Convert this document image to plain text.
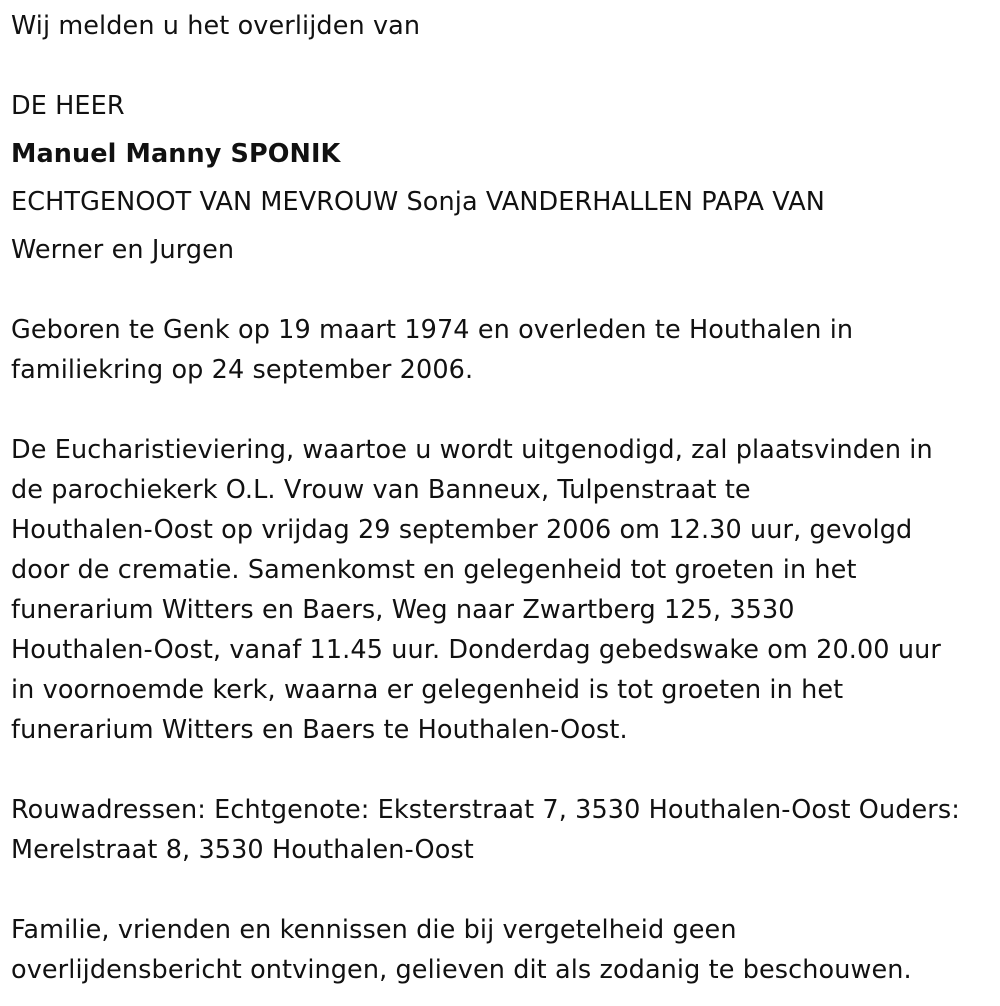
Wij melden u het overlijden van

DE HEER

Manuel Manny SPONIK

ECHTGENOOT VAN MEVROUW Sonja VANDERHALLEN PAPA VAN

Werner en Jurgen

Geboren te Genk op 19 maart 1974 en overleden te Houthalen in

familiekring op 24 september 2006.

De Eucharistieviering, waartoe u wordt uitgenodigd, zal plaatsvinden in

de parochiekerk O.L. Vrouw van Banneux, Tulpenstraat te

Houthalen-Oost op vrijdag 29 september 2006 om 12.30 uur, gevolgd

door de crematie. Samenkomst en gelegenheid tot groeten in het

funerarium Witters en Baers, Weg naar Zwartberg 125, 3530

Houthalen-Oost, vanaf 11.45 uur. Donderdag gebedswake om 20.00 uur

in voornoemde kerk, waarna er gelegenheid is tot groeten in het

funerarium Witters en Baers te Houthalen-Oost.

Rouwadressen: Echtgenote: Eksterstraat 7, 3530 Houthalen-Oost Ouders:

Merelstraat 8, 3530 Houthalen-Oost

Familie, vrienden en kennissen die bij vergetelheid geen

overlijdensbericht ontvingen, gelieven dit als zodanig te beschouwen.
